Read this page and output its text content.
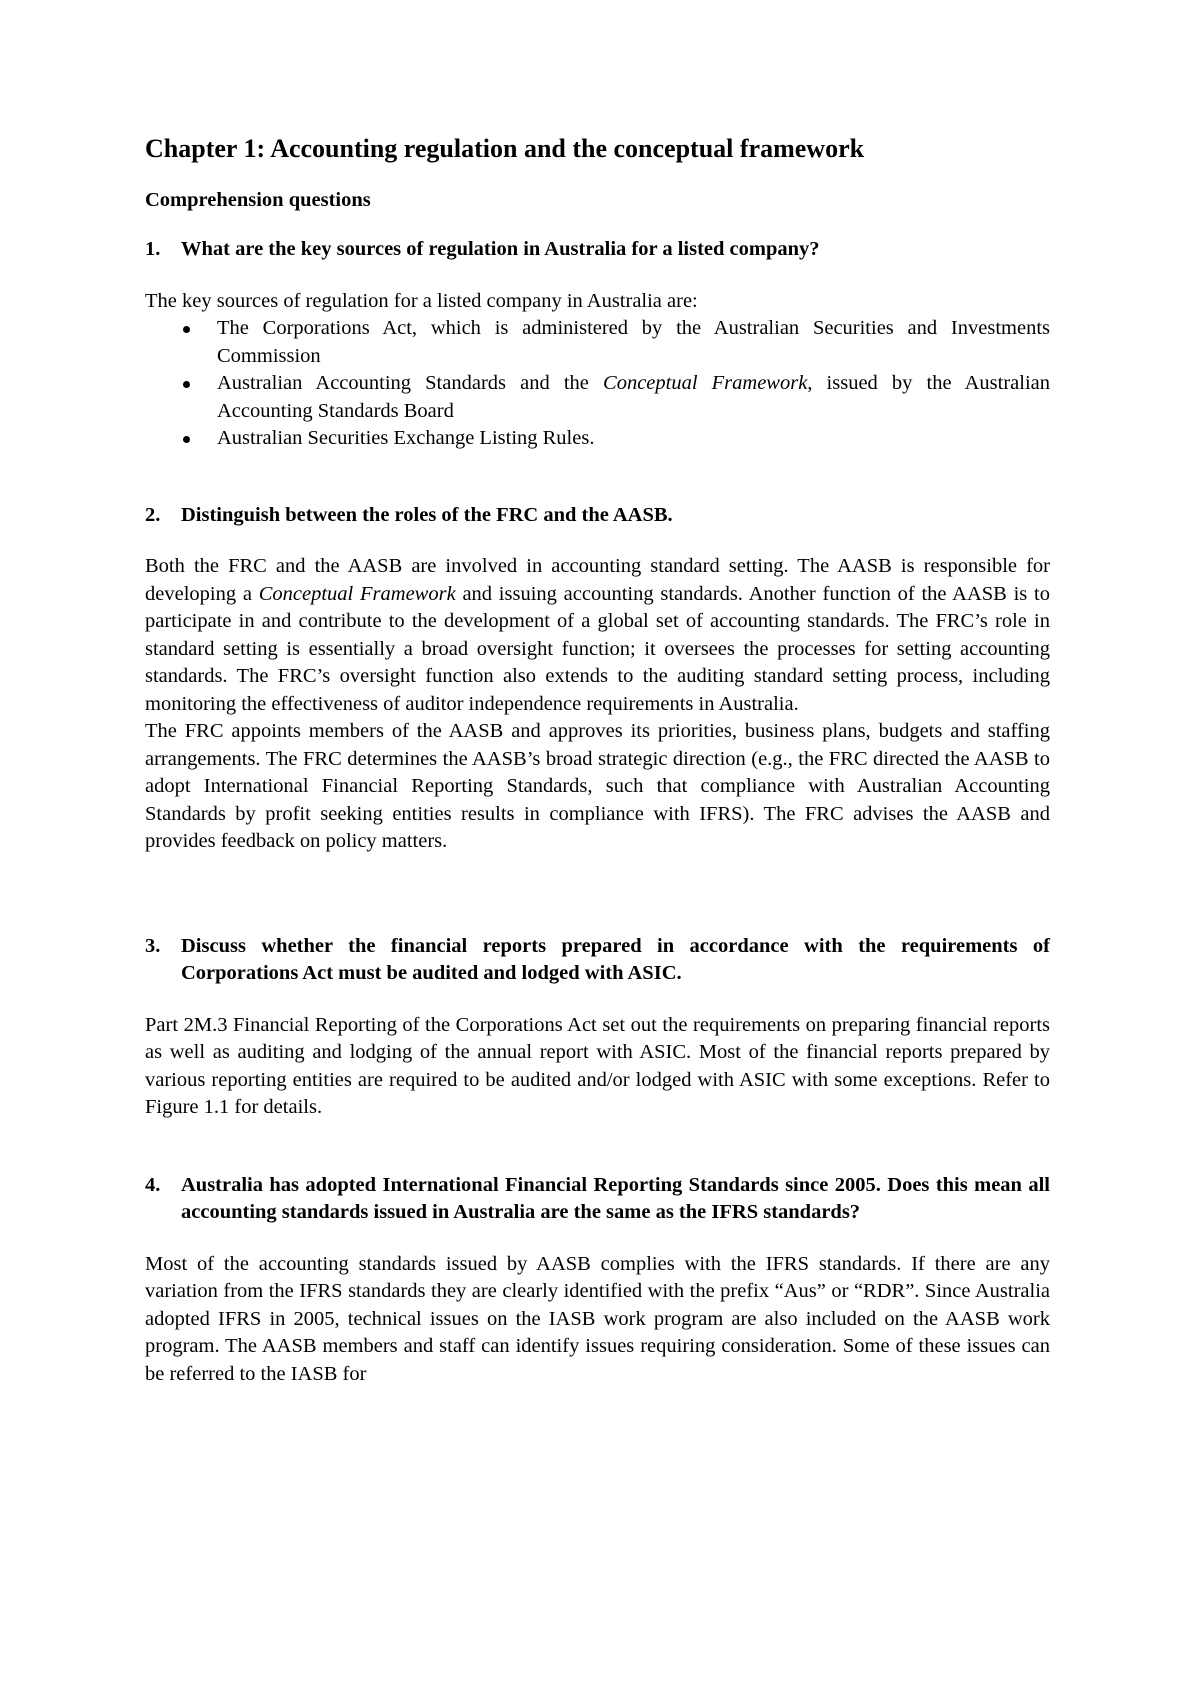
Chapter 1: Accounting regulation and the conceptual framework
Comprehension questions
1. What are the key sources of regulation in Australia for a listed company?

The key sources of regulation for a listed company in Australia are:

The Corporations Act, which is administered by the Australian Securities and Investments Commission
Australian Accounting Standards and the Conceptual Framework, issued by the Australian Accounting Standards Board
Australian Securities Exchange Listing Rules.
2. Distinguish between the roles of the FRC and the AASB.

Both the FRC and the AASB are involved in accounting standard setting. The AASB is responsible for developing a Conceptual Framework and issuing accounting standards. Another function of the AASB is to participate in and contribute to the development of a global set of accounting standards. The FRC’s role in standard setting is essentially a broad oversight function; it oversees the processes for setting accounting standards. The FRC’s oversight function also extends to the auditing standard setting process, including monitoring the effectiveness of auditor independence requirements in Australia.

The FRC appoints members of the AASB and approves its priorities, business plans, budgets and staffing arrangements. The FRC determines the AASB’s broad strategic direction (e.g., the FRC directed the AASB to adopt International Financial Reporting Standards, such that compliance with Australian Accounting Standards by profit seeking entities results in compliance with IFRS). The FRC advises the AASB and provides feedback on policy matters.

3. Discuss whether the financial reports prepared in accordance with the requirements of Corporations Act must be audited and lodged with ASIC.

Part 2M.3 Financial Reporting of the Corporations Act set out the requirements on preparing financial reports as well as auditing and lodging of the annual report with ASIC. Most of the financial reports prepared by various reporting entities are required to be audited and/or lodged with ASIC with some exceptions. Refer to Figure 1.1 for details.

4. Australia has adopted International Financial Reporting Standards since 2005. Does this mean all accounting standards issued in Australia are the same as the IFRS standards?

Most of the accounting standards issued by AASB complies with the IFRS standards. If there are any variation from the IFRS standards they are clearly identified with the prefix “Aus” or “RDR”. Since Australia adopted IFRS in 2005, technical issues on the IASB work program are also included on the AASB work program. The AASB members and staff can identify issues requiring consideration. Some of these issues can be referred to the IASB for
